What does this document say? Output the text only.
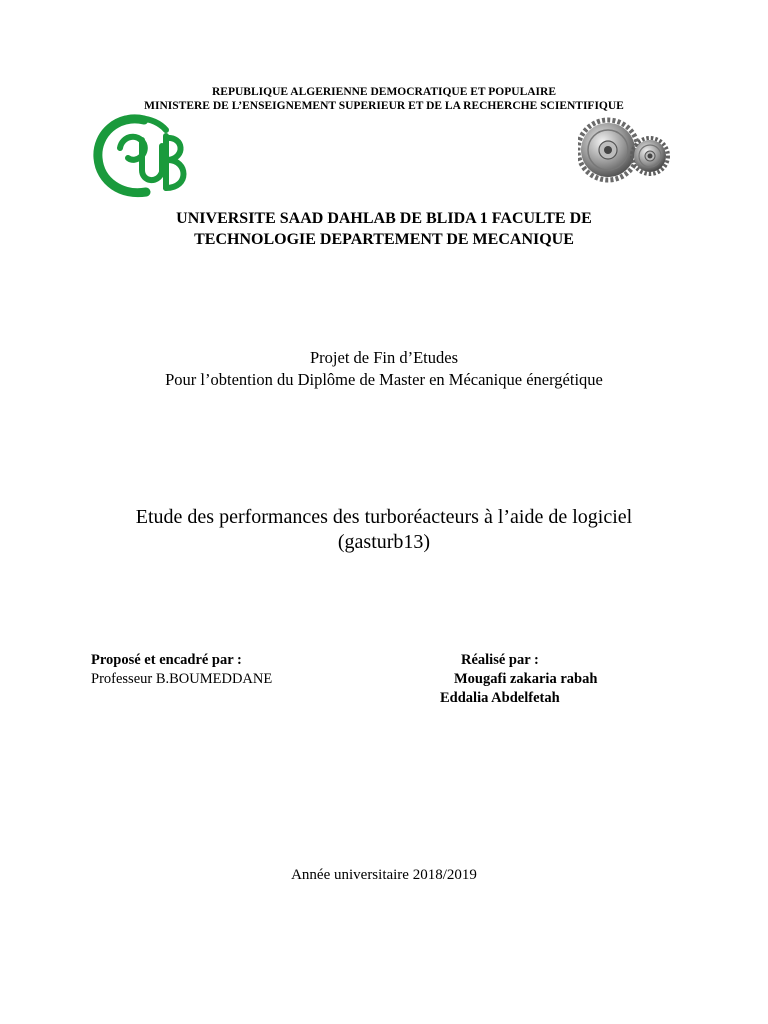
REPUBLIQUE ALGERIENNE DEMOCRATIQUE ET POPULAIRE
MINISTERE DE L’ENSEIGNEMENT SUPERIEUR ET DE LA RECHERCHE SCIENTIFIQUE
UNIVERSITE SAAD DAHLAB DE BLIDA 1 FACULTE DE
TECHNOLOGIE DEPARTEMENT DE MECANIQUE
Projet de Fin d’Etudes
Pour l’obtention du Diplôme de Master en Mécanique énergétique
Etude des performances des turboréacteurs à l’aide de logiciel
(gasturb13)
Proposé et encadré par :
Professeur B.BOUMEDDANE
Réalisé par :
Mougafi zakaria rabah
Eddalia Abdelfetah
Année universitaire 2018/2019
